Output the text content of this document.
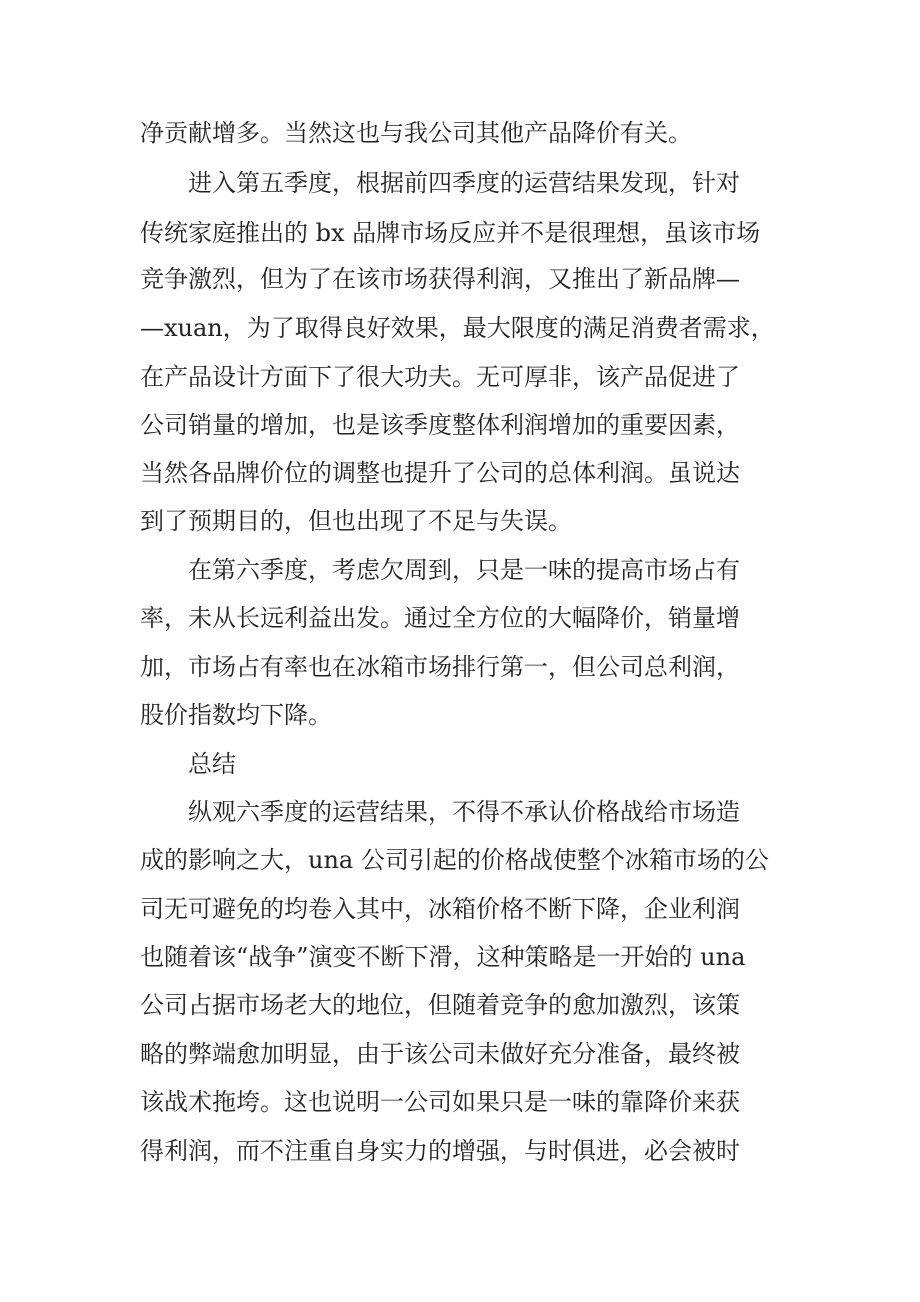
净贡献增多。当然这也与我公司其他产品降价有关。
进入第五季度，根据前四季度的运营结果发现，针对
传统家庭推出的 bx 品牌市场反应并不是很理想，虽该市场
竞争激烈，但为了在该市场获得利润，又推出了新品牌—
—xuan，为了取得良好效果，最大限度的满足消费者需求，
在产品设计方面下了很大功夫。无可厚非，该产品促进了
公司销量的增加，也是该季度整体利润增加的重要因素，
当然各品牌价位的调整也提升了公司的总体利润。虽说达
到了预期目的，但也出现了不足与失误。
在第六季度，考虑欠周到，只是一味的提高市场占有
率，未从长远利益出发。通过全方位的大幅降价，销量增
加，市场占有率也在冰箱市场排行第一，但公司总利润，
股价指数均下降。
总结
纵观六季度的运营结果，不得不承认价格战给市场造
成的影响之大，una 公司引起的价格战使整个冰箱市场的公
司无可避免的均卷入其中，冰箱价格不断下降，企业利润
也随着该“战争”演变不断下滑，这种策略是一开始的 una
公司占据市场老大的地位，但随着竞争的愈加激烈，该策
略的弊端愈加明显，由于该公司未做好充分准备，最终被
该战术拖垮。这也说明一公司如果只是一味的靠降价来获
得利润，而不注重自身实力的增强，与时俱进，必会被时
